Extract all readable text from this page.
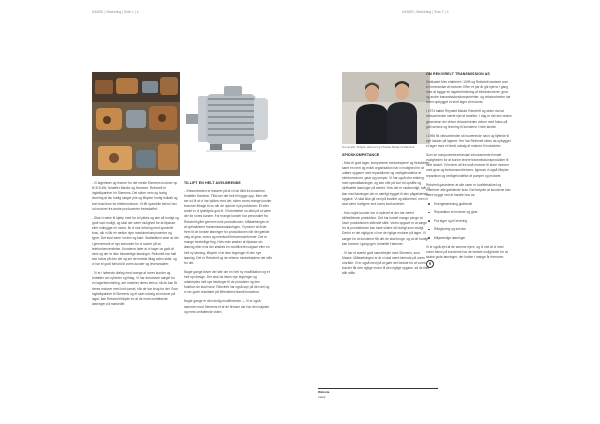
DANSK | Marketing | Side 1 | 4	DANSK | Marketing | Side 2 | 4
Fra venstre: Torbjørn Hammer og Christian Maske fra Rekvirelt.

- Vi lagerfører og leverer for det meste Siemens motorer op til 315 kW, fortæller Maxke og Hammer. Rekvirelt er logistikpartner for Siemens. Det sikrer nem og hurtig levering at lav hurtig sørget pris og tilbyder hurtig indkøb og kort lead-time for elektromotorer. Vi får specielle behov hos ud motorer fra andre producenter fremskaffet.

- Skal vi være til hjælp med for at lykkes og ske så hurtigt og godt som muligt, og skal der være mulighed for at tilpasse eller ombygge en motor, fik vi stor erfaring med specielle krav, når vi får en række dyre maskinerkomponenter og typer. Det skal være i orden og klart. Statistikken viser at det i gennemsnit er syv sekunder for vi svarer på en telefonhenvendelse. Kunderne føler at vi tager os godt af dem og der er ikke besværlige løsninger. Rekvirelt har haft stor fokus på den del og ser de bedste tiltag siden sidst, og vi har et godt forhold til vores kunder og leverandører.

- Vi er i løbende dialog med mange af vores kunder og fortæller om nyheder og tiltag. Vi har derudover sørget for en lagerbeholdning, der matcher deres behov, så de kan få deres motorer med kort varsel, når de har brug for det. Som logistikpartner til Siemens og et stort udvalg af motorer på lager, kan Rekvirelt tilbyde en af de mest omfattende løsninger på markedet.

TILLIFT EN HELT AVELBRENDE

- Virksomheden er baseret på at vi har tillid fra kunderne, fortæller Hammer. Tillid ser det helt til bygge-opp. Men det ser ud til at vi har lykkes med det, siden vores mange kunder kommer tilbage til os når de oplever nye problemer. Et eller andet er vi tydeligvis god til. Vi bestræber os altid på at være der for vores kunder. For mange kunder har personalet fra Rekvirelt gået gennem hele produktionen. Målsætningen er at optimalisere transmissionsløsningen. Vi prøver at finde frem til de bedste løsninger for produktionen når det gælder valg af gear, motor og eventuelt frekvensomformer. Det er mange forskellige ting. Hvis man ønsker at tilpasse sin løsning eller hvis der ønskes en modificeret udgave eller en helt ny løsning, tilbyder vi at lave tegninger til den nye løsning. Det er Rekvirelt og de erfarne medarbejdere der står for det.

Nogle gange bliver der tale om en helt ny modifikation og et helt nyt design. Der skal da laves nye tegninger og udarbejdes helt nye løsninger til de produkter og den funktion de skal have. Rekvirelt har også styr på den del og vi ser gode resultater på tilfredshed blandt kunderne.

Nogle gange er det utrolig modificerede — Vi er også sammen med Siemens et af de firmaer der har den højeste og mest omfattende viden.

SPIDSKOMPETANCE

- Med et godt lager, kompetente medarbejdere og fleksibilitet samt en nem og enkel organisation har vi mulighed for at udføre opgaver med reparationer og vedligeholdelse af elektromotorer, gear og pumper. Vi har også stor erfaring med specialløsninger, og kan ofte på kort tid opstille og idriftsætte løsninger på stedet. Hvis det er nødvendigt, står vi klar med løsninger der er særligt bygget til den pågældende opgave. Vi skal ikke gå ned på kvalitet og sikkerhed, men vi skal være hurtigere end vores konkurrenter.

- Hos nogle kunder har vi oplevet at der har været stillestående produktion. Det har kostet mange penge at have produktionen stående stille. Vores opgave er at sørge for at produktionen kan køre videre så hurtigt som muligt. Derfor er det vigtigt at vi har de rigtige motorer på lager. Vi sørger for at kunderne får det de skal bruge, og at de hurtigt kan komme i gang igen, fortæller Hammer.

- Vi har et stærkt godt samarbejde med Siemens, som Maske. Målsætningen er at vi skal være førende på vores område. Vi er også med på at gøre det bedste for at vores kunder får den rigtige motor til den rigtige opgave, så de ikke står stille.

OM REKVIRELT TRANSMISSION AS

Selskabet blev etableret i 1995 og Rekvirelt startede som en leverandør af motorer. Efter et par år gik ejerne i gang med at bygge en lagerbeholdning af elektromotorer, gear og andre transmissionskomponenter, og virksomheden har siden opbygget et stort lager af motorer.

I 1974 købte Reynald Maske Rekvirelt og siden da har virksomheden været ejet af familien. I dag er det den anden generation der driver virksomheden videre med fokus på god service og levering til kunderne i hele landet.

I 1996 fik virksomheden sit nuværende navn og flyttede til nye lokaler på lageret. Her har Rekvirelt siden da opbygget et lager med et bredt udvalg af motorer til industrien.

Som en komponentleverandør introducerede firmaet muligheden for at kunne levere transmissionsprodukter til hele landet. Vi leverer alt fra små motorer til store motorer med gear og frekvensomformere, ligesom vi også tilbyder reparation og vedligeholdelse af pumper og motorer.

Rekvirelt garanterer at alle varer er kvalitetssikret og efterlever alle gældende krav. Det betyder at kunderne kan være trygge ved at handle hos os:

Energimærkning godkendt
Reparation af motorer og gear
Fra lager og til levering
Rådgivning og service
Miljøvenlige løsninger

Vi er også ejet af de samme ejere, og vi ved at vi med vores fokus på kunderne har de bedste muligheder for at skabe gode løsninger, der holder i mange år fremover. R

Website
motor
